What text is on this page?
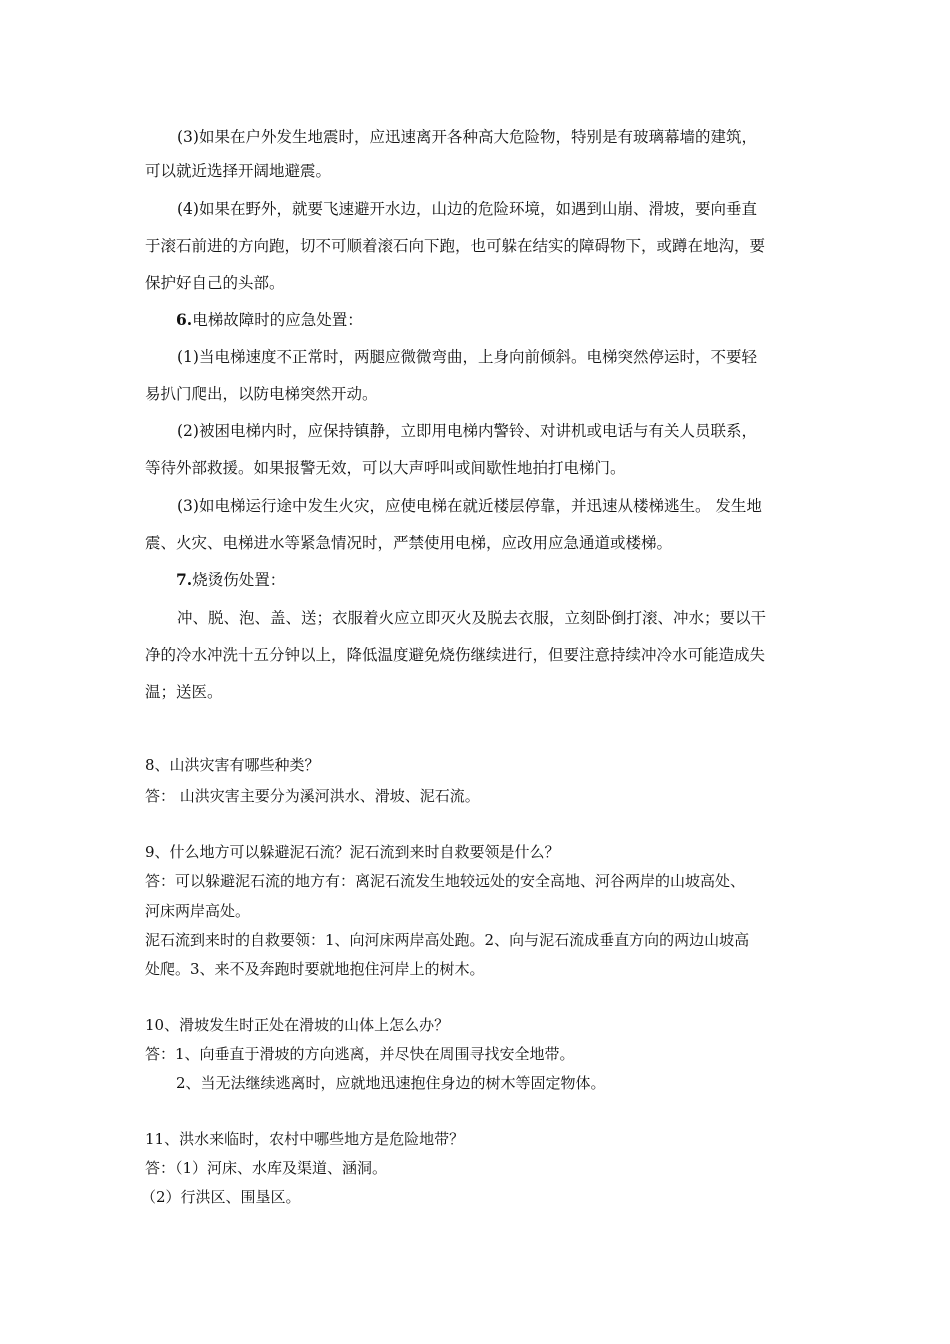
(3)如果在户外发生地震时，应迅速离开各种高大危险物，特别是有玻璃幕墙的建筑，
可以就近选择开阔地避震。
(4)如果在野外，就要飞速避开水边，山边的危险环境，如遇到山崩、滑坡，要向垂直
于滚石前进的方向跑，切不可顺着滚石向下跑，也可躲在结实的障碍物下，或蹲在地沟，要
保护好自己的头部。
6.电梯故障时的应急处置：
(1)当电梯速度不正常时，两腿应微微弯曲，上身向前倾斜。电梯突然停运时，不要轻
易扒门爬出，以防电梯突然开动。
(2)被困电梯内时，应保持镇静，立即用电梯内警铃、对讲机或电话与有关人员联系，
等待外部救援。如果报警无效，可以大声呼叫或间歇性地拍打电梯门。
(3)如电梯运行途中发生火灾，应使电梯在就近楼层停靠，并迅速从楼梯逃生。 发生地
震、火灾、电梯进水等紧急情况时，严禁使用电梯，应改用应急通道或楼梯。
7.烧烫伤处置：
冲、脱、泡、盖、送；衣服着火应立即灭火及脱去衣服，立刻卧倒打滚、冲水；要以干
净的冷水冲洗十五分钟以上，降低温度避免烧伤继续进行，但要注意持续冲冷水可能造成失
温；送医。
8、山洪灾害有哪些种类？
答： 山洪灾害主要分为溪河洪水、滑坡、泥石流。
9、什么地方可以躲避泥石流？泥石流到来时自救要领是什么？
答：可以躲避泥石流的地方有：离泥石流发生地较远处的安全高地、河谷两岸的山坡高处、
河床两岸高处。
泥石流到来时的自救要领：1、向河床两岸高处跑。2、向与泥石流成垂直方向的两边山坡高
处爬。3、来不及奔跑时要就地抱住河岸上的树木。
10、滑坡发生时正处在滑坡的山体上怎么办？
答：1、向垂直于滑坡的方向逃离，并尽快在周围寻找安全地带。
2、当无法继续逃离时，应就地迅速抱住身边的树木等固定物体。
11、洪水来临时，农村中哪些地方是危险地带？
答：（1）河床、水库及渠道、涵洞。
（2）行洪区、围垦区。
